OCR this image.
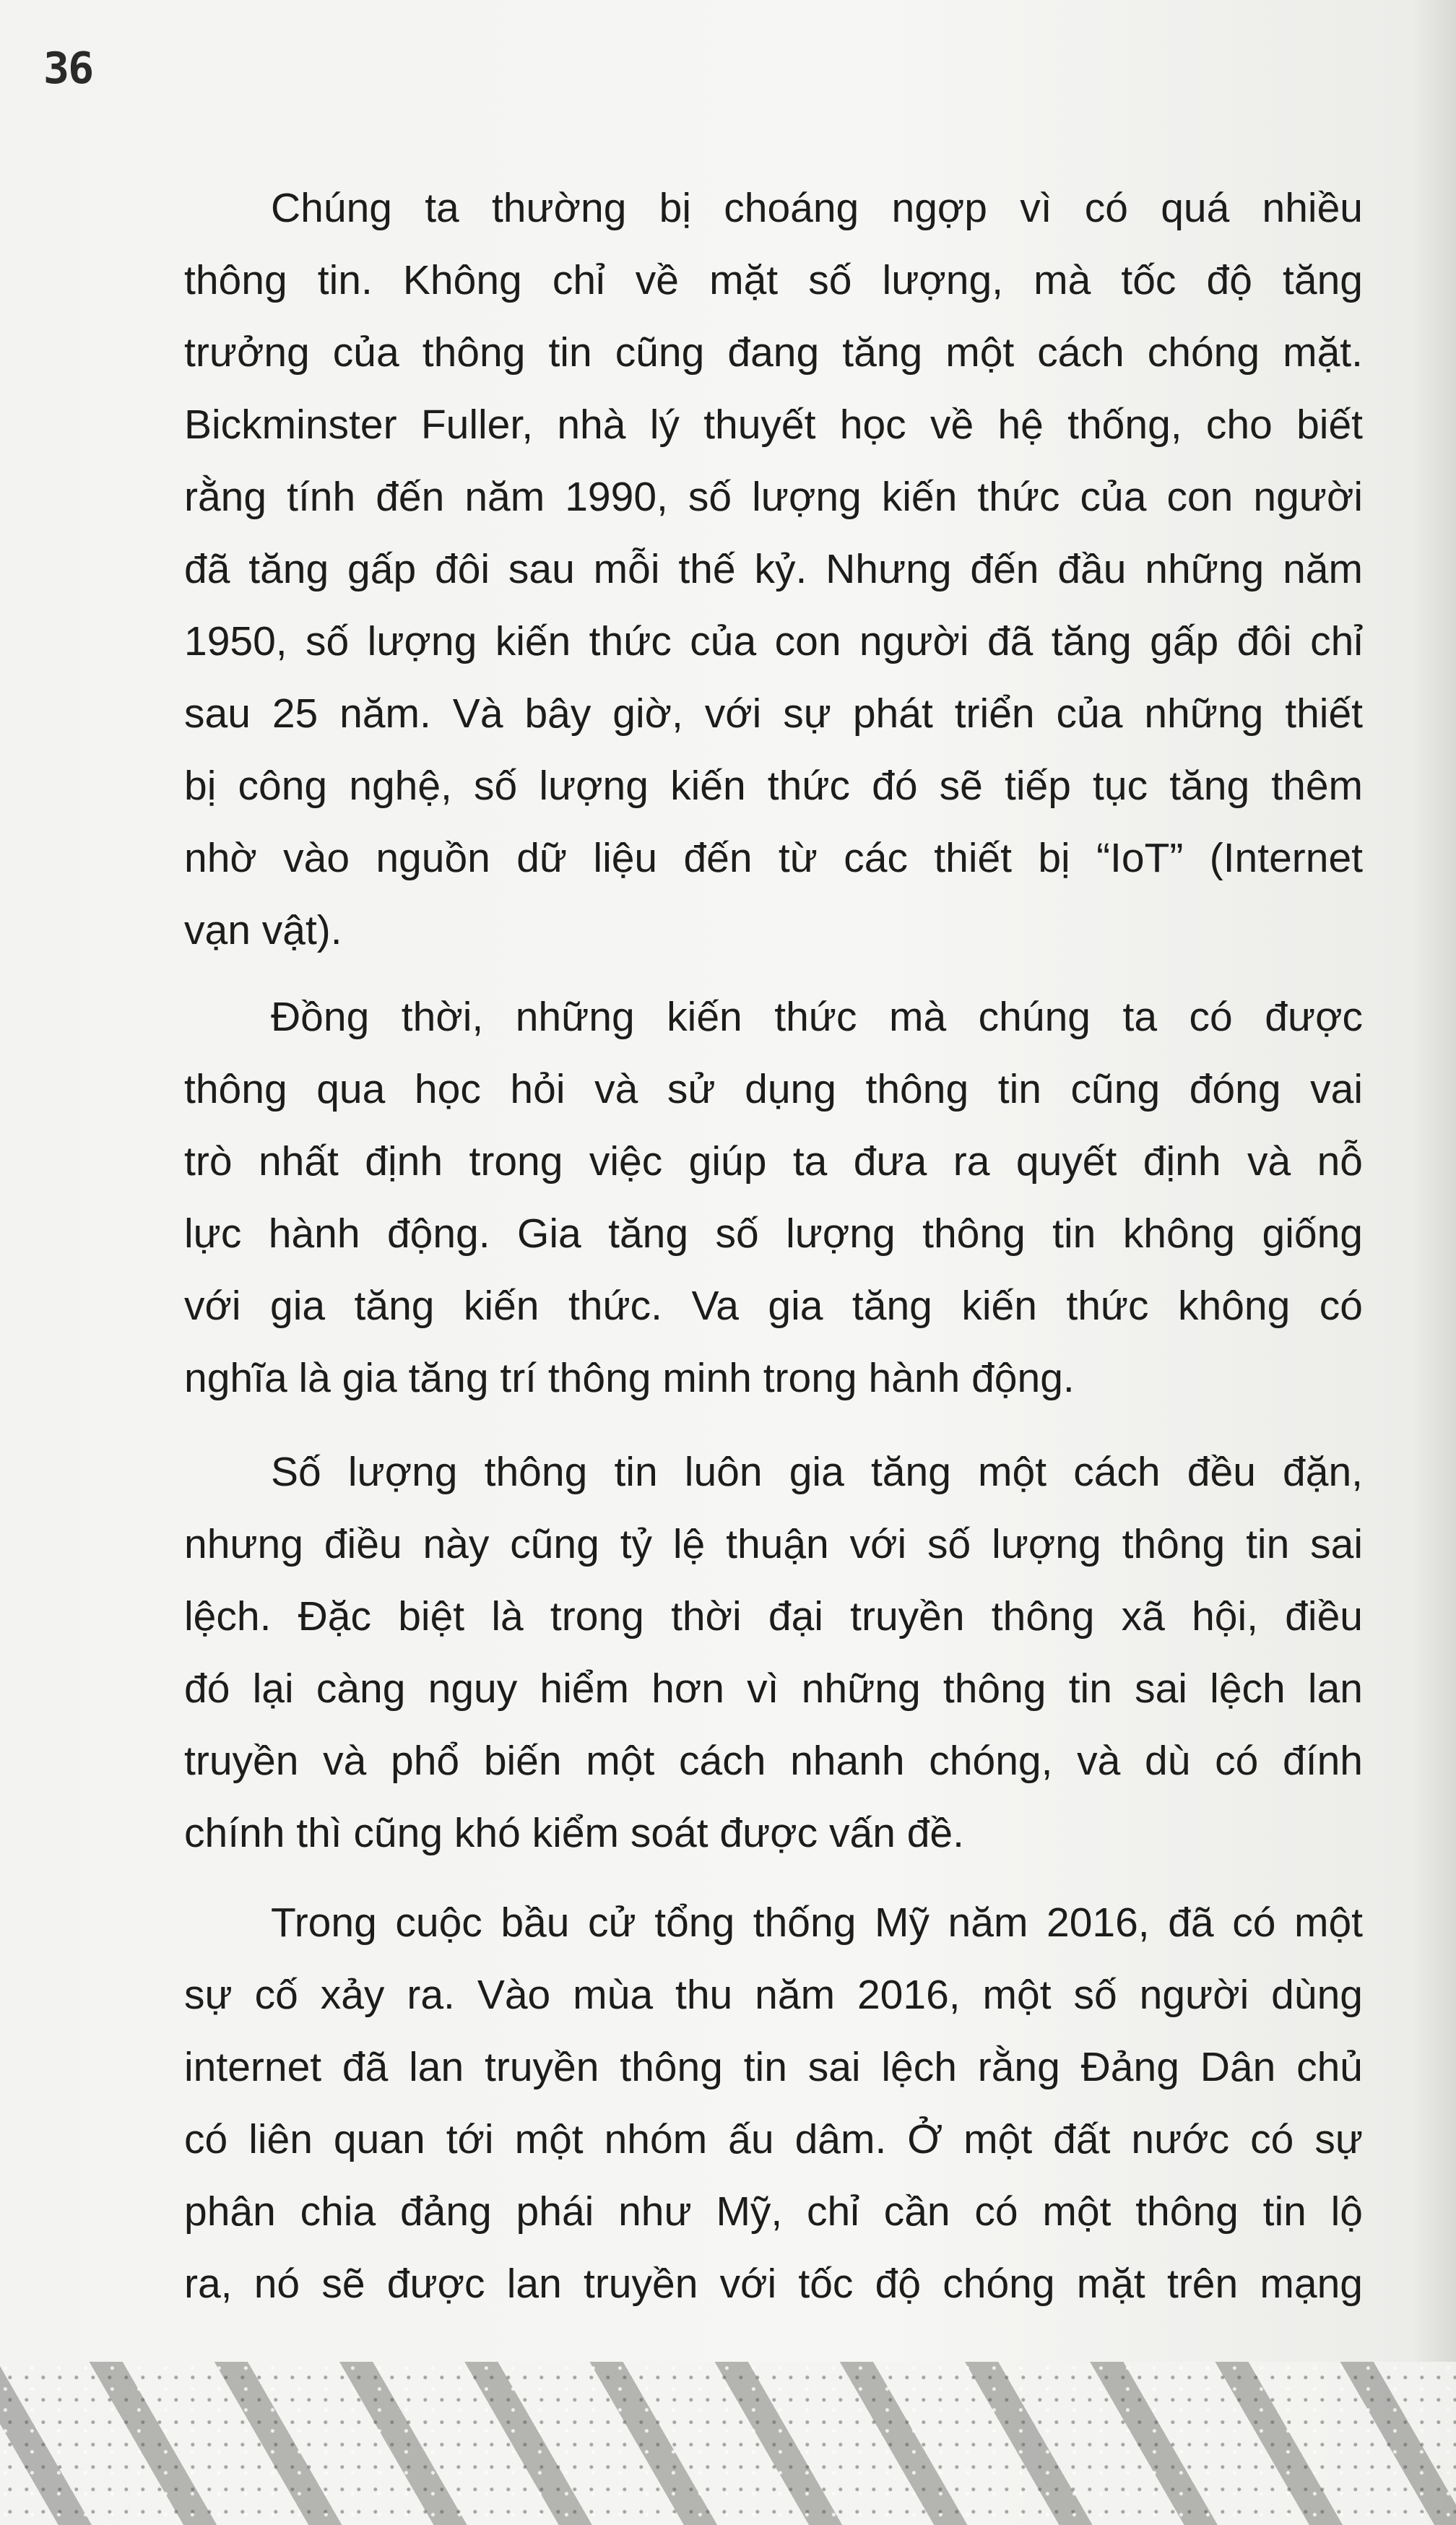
36
Chúng ta thường bị choáng ngợp vì có quá nhiều
thông tin. Không chỉ về mặt số lượng, mà tốc độ tăng
trưởng của thông tin cũng đang tăng một cách chóng mặt.
Bickminster Fuller, nhà lý thuyết học về hệ thống, cho biết
rằng tính đến năm 1990, số lượng kiến thức của con người
đã tăng gấp đôi sau mỗi thế kỷ. Nhưng đến đầu những năm
1950, số lượng kiến thức của con người đã tăng gấp đôi chỉ
sau 25 năm. Và bây giờ, với sự phát triển của những thiết
bị công nghệ, số lượng kiến thức đó sẽ tiếp tục tăng thêm
nhờ vào nguồn dữ liệu đến từ các thiết bị “IoT” (Internet
vạn vật).
Đồng thời, những kiến thức mà chúng ta có được
thông qua học hỏi và sử dụng thông tin cũng đóng vai
trò nhất định trong việc giúp ta đưa ra quyết định và nỗ
lực hành động. Gia tăng số lượng thông tin không giống
với gia tăng kiến thức. Va gia tăng kiến thức không có
nghĩa là gia tăng trí thông minh trong hành động.
Số lượng thông tin luôn gia tăng một cách đều đặn,
nhưng điều này cũng tỷ lệ thuận với số lượng thông tin sai
lệch. Đặc biệt là trong thời đại truyền thông xã hội, điều
đó lại càng nguy hiểm hơn vì những thông tin sai lệch lan
truyền và phổ biến một cách nhanh chóng, và dù có đính
chính thì cũng khó kiểm soát được vấn đề.
Trong cuộc bầu cử tổng thống Mỹ năm 2016, đã có một
sự cố xảy ra. Vào mùa thu năm 2016, một số người dùng
internet đã lan truyền thông tin sai lệch rằng Đảng Dân chủ
có liên quan tới một nhóm ấu dâm. Ở một đất nước có sự
phân chia đảng phái như Mỹ, chỉ cần có một thông tin lộ
ra, nó sẽ được lan truyền với tốc độ chóng mặt trên mạng
